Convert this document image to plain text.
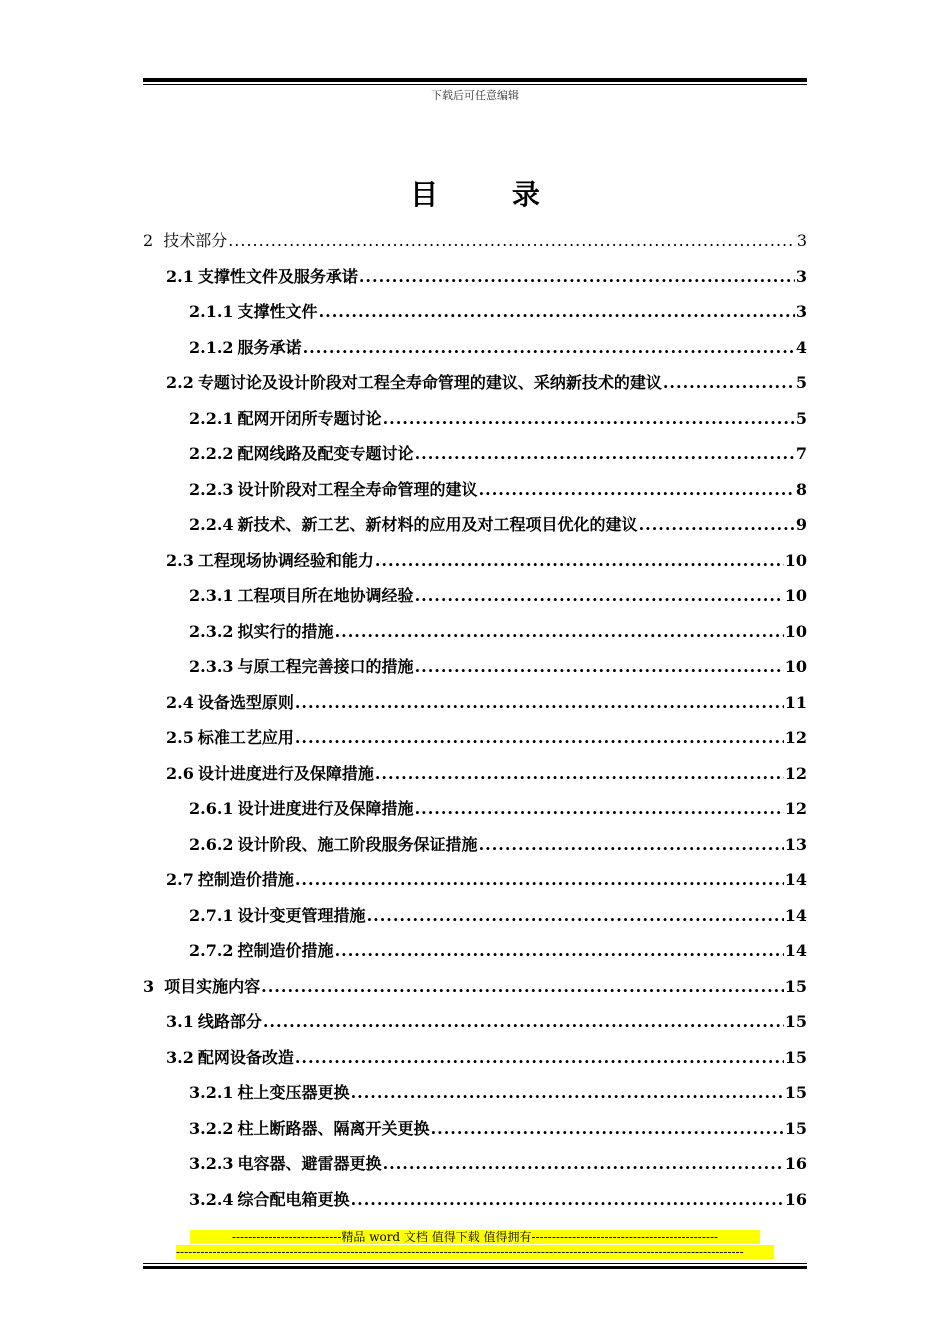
下载后可任意编辑
目 录
2 技术部分 .....	3
2.1 支撑性文件及服务承诺 .....	3
2.1.1 支撑性文件 .....	3
2.1.2 服务承诺 .....	4
2.2 专题讨论及设计阶段对工程全寿命管理的建议、采纳新技术的建议 .....	5
2.2.1 配网开闭所专题讨论 .....	5
2.2.2 配网线路及配变专题讨论 .....	7
2.2.3 设计阶段对工程全寿命管理的建议 .....	8
2.2.4 新技术、新工艺、新材料的应用及对工程项目优化的建议 .....	9
2.3 工程现场协调经验和能力 .....	10
2.3.1 工程项目所在地协调经验 .....	10
2.3.2 拟实行的措施 .....	10
2.3.3 与原工程完善接口的措施 .....	10
2.4 设备选型原则 .....	11
2.5 标准工艺应用 .....	12
2.6 设计进度进行及保障措施 .....	12
2.6.1 设计进度进行及保障措施 .....	12
2.6.2 设计阶段、施工阶段服务保证措施 .....	13
2.7 控制造价措施 .....	14
2.7.1 设计变更管理措施 .....	14
2.7.2 控制造价措施 .....	14
3 项目实施内容 .....	15
3.1 线路部分 .....	15
3.2 配网设备改造 .....	15
3.2.1 柱上变压器更换 .....	15
3.2.2 柱上断路器、隔离开关更换 .....	15
3.2.3 电容器、避雷器更换 .....	16
3.2.4 综合配电箱更换 .....	16
---------------------------精品 word 文档 值得下载 值得拥有----------------------------------------------
--------------------------------------------------------------------------------------------------------------------------------------------
